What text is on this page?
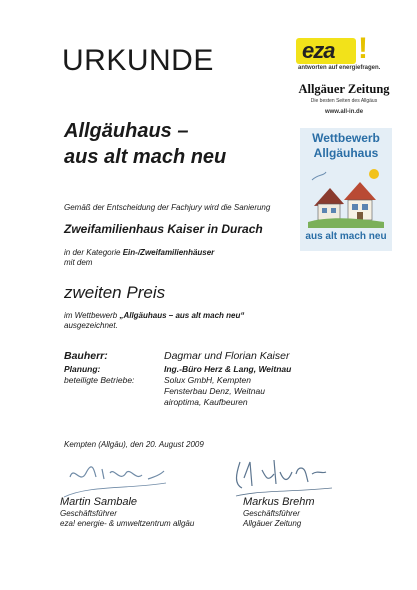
URKUNDE
Allgäuhaus –
aus alt mach neu
Gemäß der Entscheidung der Fachjury wird die Sanierung
Zweifamilienhaus Kaiser in Durach
in der Kategorie Ein-/Zweifamilienhäuser
mit dem
zweiten Preis
im Wettbewerb „Allgäuhaus – aus alt mach neu“
ausgezeichnet.
Bauherr:	Dagmar und Florian Kaiser
Planung:	Ing.-Büro Herz & Lang, Weitnau
beteiligte Betriebe:	Solux GmbH, Kempten
Fensterbau Denz, Weitnau
airoptima, Kaufbeuren
Kempten (Allgäu), den 20. August 2009
Martin Sambale
Geschäftsführer
eza! energie- & umweltzentrum allgäu
Markus Brehm
Geschäftsführer
Allgäuer Zeitung
eza !
antworten auf energiefragen.
Allgäuer Zeitung
Die besten Seiten des Allgäus
www.all-in.de
Wettbewerb
Allgäuhaus
aus alt mach neu
